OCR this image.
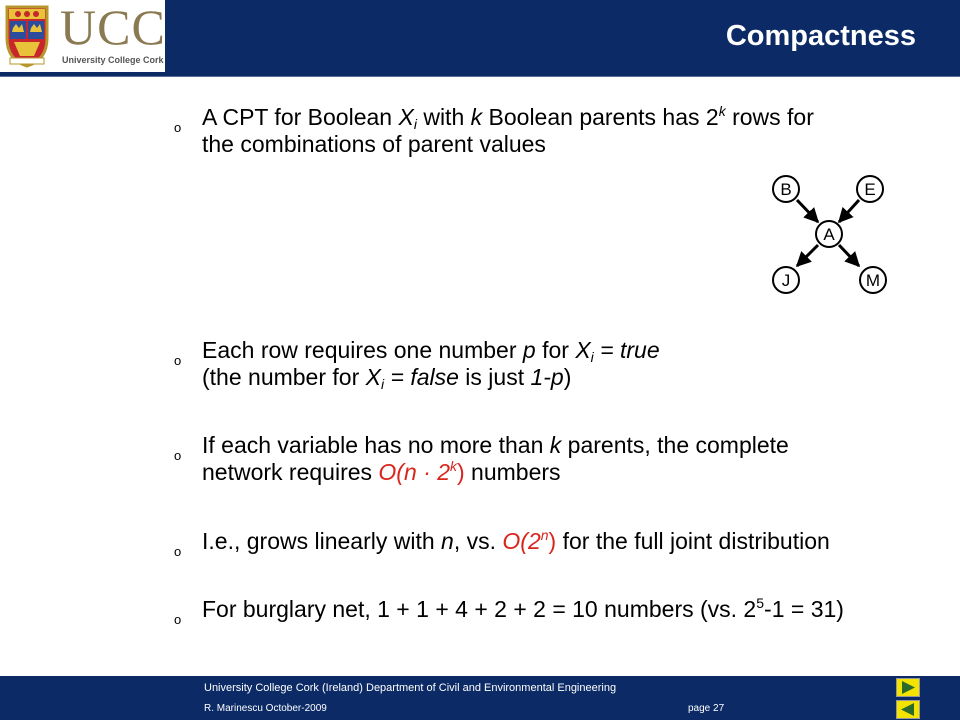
UCC
University College Cork
Compactness
o A CPT for Boolean $X_i$ with k Boolean parents has 2$^k$ rows for
the combinations of parent values
B	E
A
J	M
o Each row requires one number p for $X_i$ = true
(the number for $X_i$ = false is just 1-p)
o If each variable has no more than k parents, the complete
network requires $O(n \cdot 2^k)$ numbers
o I.e., grows linearly with n, vs. O(2$^n$) for the full joint distribution
o For burglary net, 1 + 1 + 4 + 2 + 2 = 10 numbers (vs. $2^5-1 = 31$)
University College Cork (Ireland) Department of Civil and Environmental Engineering
R. Marinescu October-2009	page 27
